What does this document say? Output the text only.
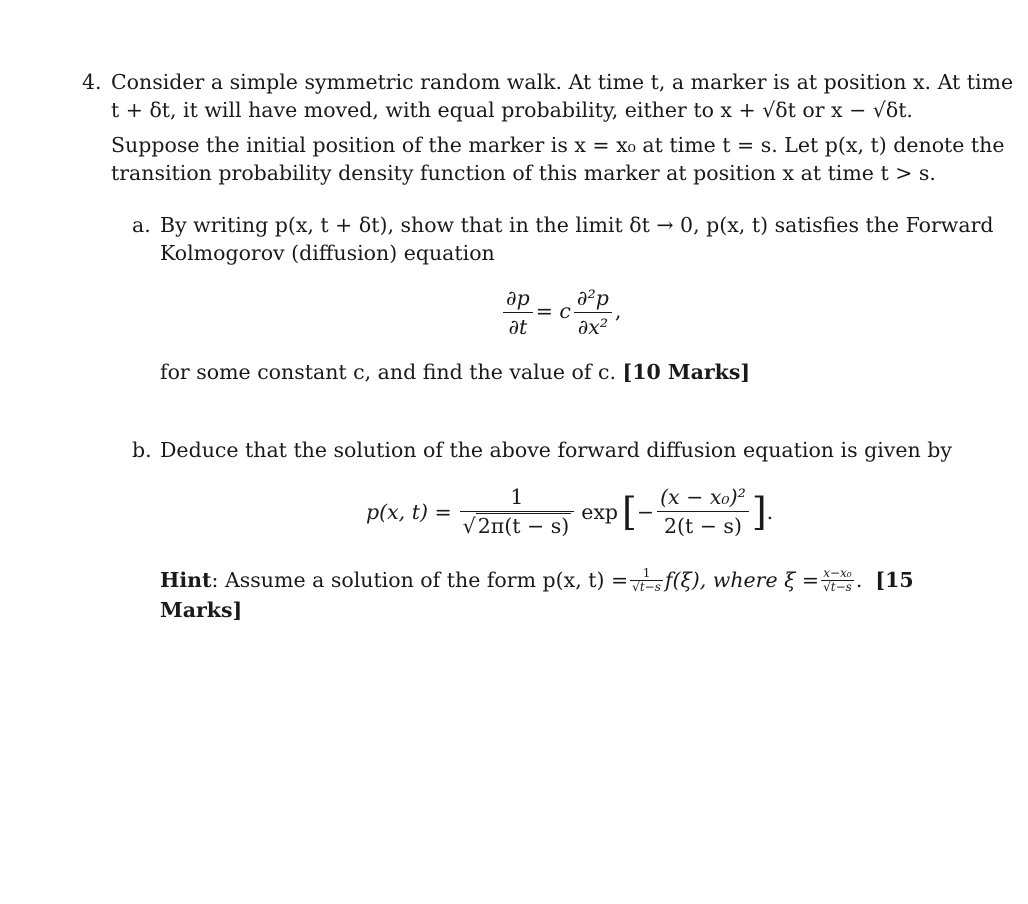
4. Consider a simple symmetric random walk. At time t, a marker is at position x. At time
t + δt, it will have moved, with equal probability, either to x + √δt or x − √δt.
Suppose the initial position of the marker is x = x₀ at time t = s. Let p(x, t) denote the
transition probability density function of this marker at position x at time t > s.
a. By writing p(x, t + δt), show that in the limit δt → 0, p(x, t) satisfies the Forward
Kolmogorov (diffusion) equation
$\frac{\partial p}{\partial t} = c \frac{\text{∂²p}}{\text{∂x²}}$ ,
for some constant c, and find the value of c. [10 Marks]
b. Deduce that the solution of the above forward diffusion equation is given by
p(x, $t) = \frac{1}{√2\pi(t - s)}$ exp [ − $\frac{\text{(x − x₀)²}}{2(t - s)}$ ] .
Hint : Assume a solution of the form p(x, $t) = \frac{1}{√t-s} f(\xi)$, where $\xi = \frac{\text{x−x₀}}{√t-s}$ . [15
Marks]
